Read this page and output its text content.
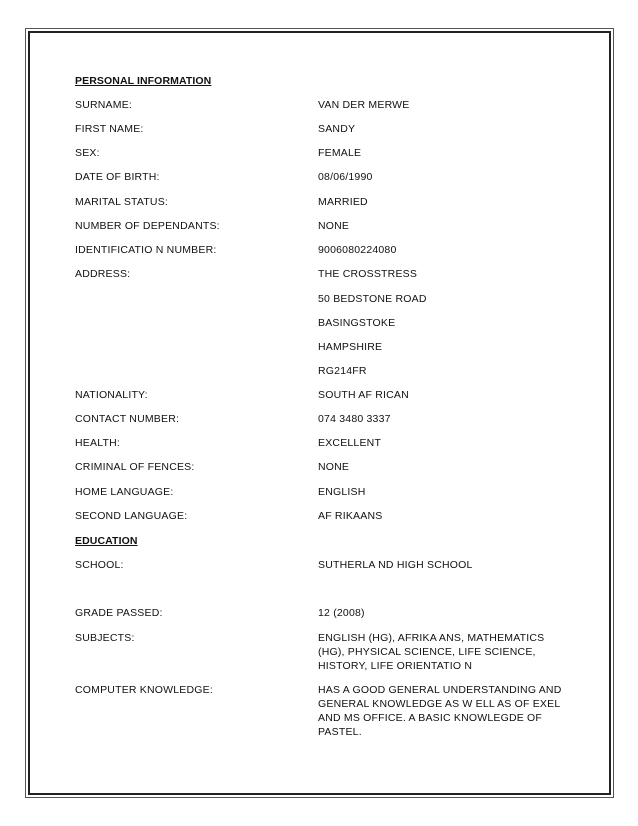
PERSONAL INFORMATION
SURNAME:	VAN DER MERWE
FIRST NAME:	SANDY
SEX:	FEMALE
DATE OF BIRTH:	08/06/1990
MARITAL STATUS:	MARRIED
NUMBER OF DEPENDANTS:	NONE
IDENTIFICATIO N NUMBER:	9006080224080
ADDRESS:	THE CROSSTRESS
50 BEDSTONE ROAD
BASINGSTOKE
HAMPSHIRE
RG214FR
NATIONALITY:	SOUTH AF RICAN
CONTACT NUMBER:	074 3480 3337
HEALTH:	EXCELLENT
CRIMINAL OF FENCES:	NONE
HOME LANGUAGE:	ENGLISH
SECOND LANGUAGE:	AF RIKAANS
EDUCATION
SCHOOL:	SUTHERLA ND HIGH SCHOOL
GRADE PASSED:	12 (2008)
SUBJECTS:	ENGLISH (HG), AFRIKA ANS, MATHEMATICS (HG), PHYSICAL SCIENCE, LIFE SCIENCE, HISTORY, LIFE ORIENTATIO N
COMPUTER KNOWLEDGE:	HAS A GOOD GENERAL UNDERSTANDING AND GENERAL KNOWLEDGE AS W ELL AS OF EXEL AND MS OFFICE. A BASIC KNOWLEGDE OF PASTEL.
